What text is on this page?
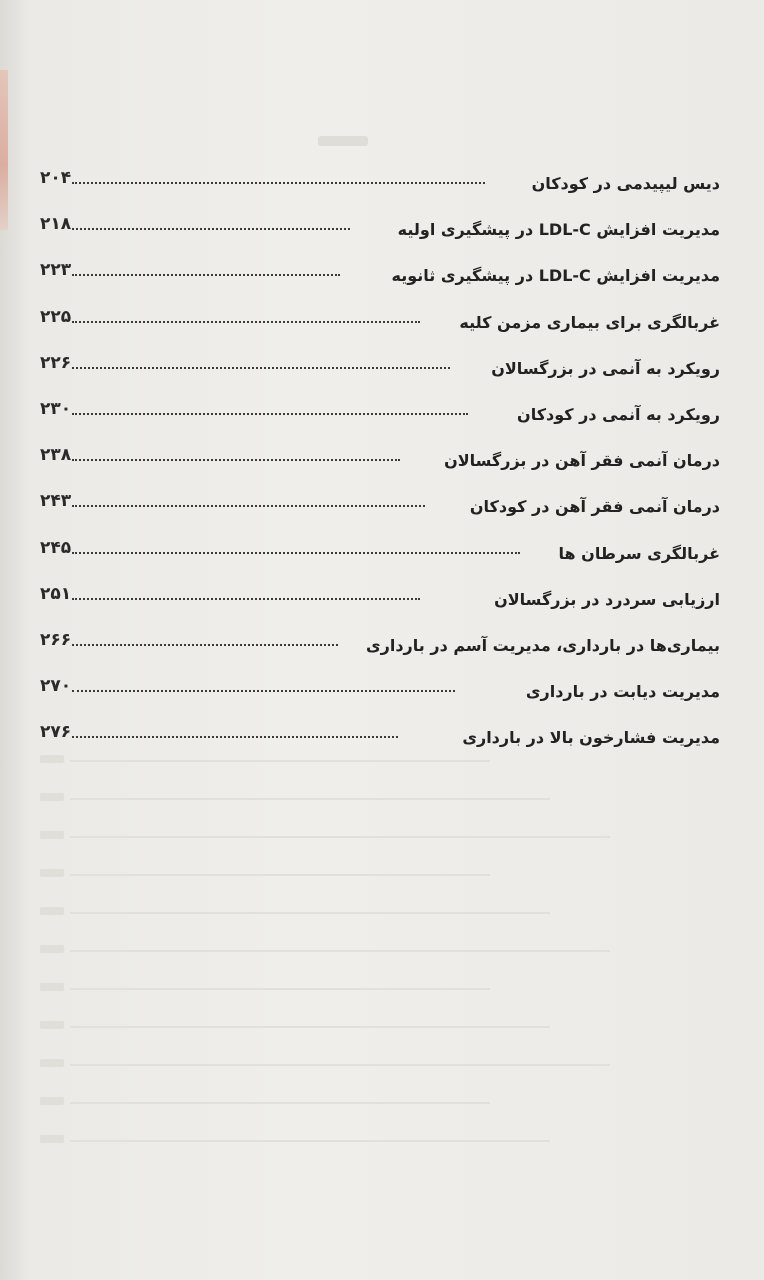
۲۰۴	دیس لیپیدمی در کودکان
۲۱۸	مدیریت افزایش LDL-C در پیشگیری اولیه
۲۲۳	مدیریت افزایش LDL-C در پیشگیری ثانویه
۲۲۵	غربالگری برای بیماری مزمن کلیه
۲۲۶	رویکرد به آنمی در بزرگسالان
۲۳۰	رویکرد به آنمی در کودکان
۲۳۸	درمان آنمی فقر آهن در بزرگسالان
۲۴۳	درمان آنمی فقر آهن در کودکان
۲۴۵	غربالگری سرطان ها
۲۵۱	ارزیابی سردرد در بزرگسالان
۲۶۶	بیماری‌ها در بارداری، مدیریت آسم در بارداری
۲۷۰	مدیریت دیابت در بارداری
۲۷۶	مدیریت فشارخون بالا در بارداری
